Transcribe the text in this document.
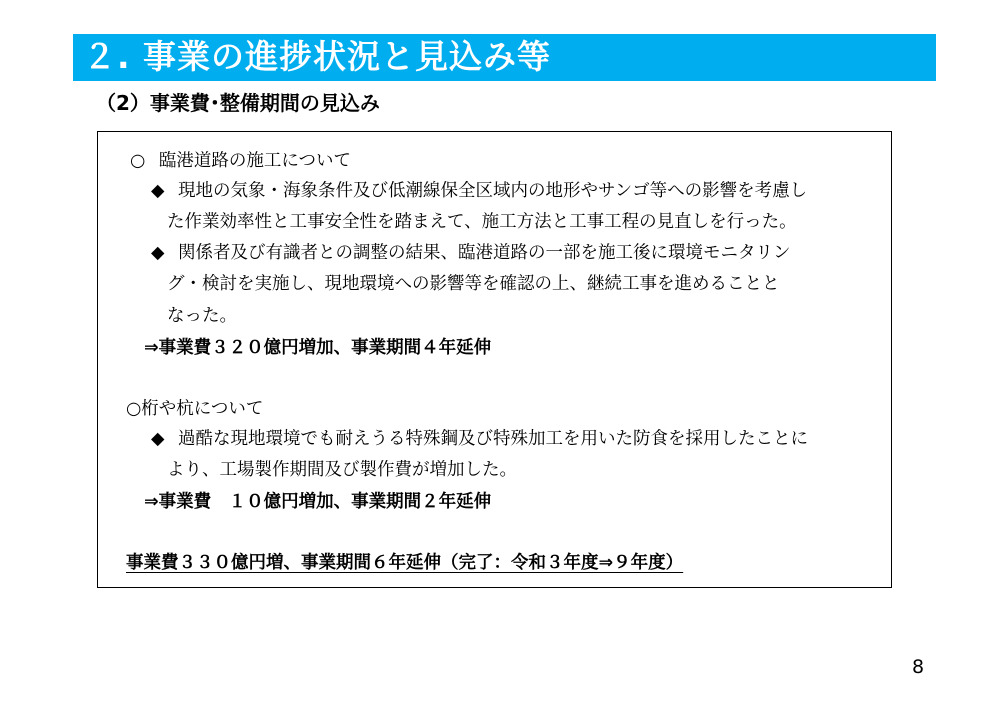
２. 事業の進捗状況と見込み等
（2）事業費･整備期間の見込み
○ 臨港道路の施工について
◆ 現地の気象・海象条件及び低潮線保全区域内の地形やサンゴ等への影響を考慮し
た作業効率性と工事安全性を踏まえて、施工方法と工事工程の見直しを行った。
◆ 関係者及び有識者との調整の結果、臨港道路の一部を施工後に環境モニタリン
グ・検討を実施し、現地環境への影響等を確認の上、継続工事を進めることと
なった。
⇒事業費３２０億円増加、事業期間４年延伸
○桁や杭について
◆ 過酷な現地環境でも耐えうる特殊鋼及び特殊加工を用いた防食を採用したことに
より、工場製作期間及び製作費が増加した。
⇒事業費　１０億円増加、事業期間２年延伸
事業費３３０億円増、事業期間６年延伸（完了：令和３年度⇒９年度）
8
